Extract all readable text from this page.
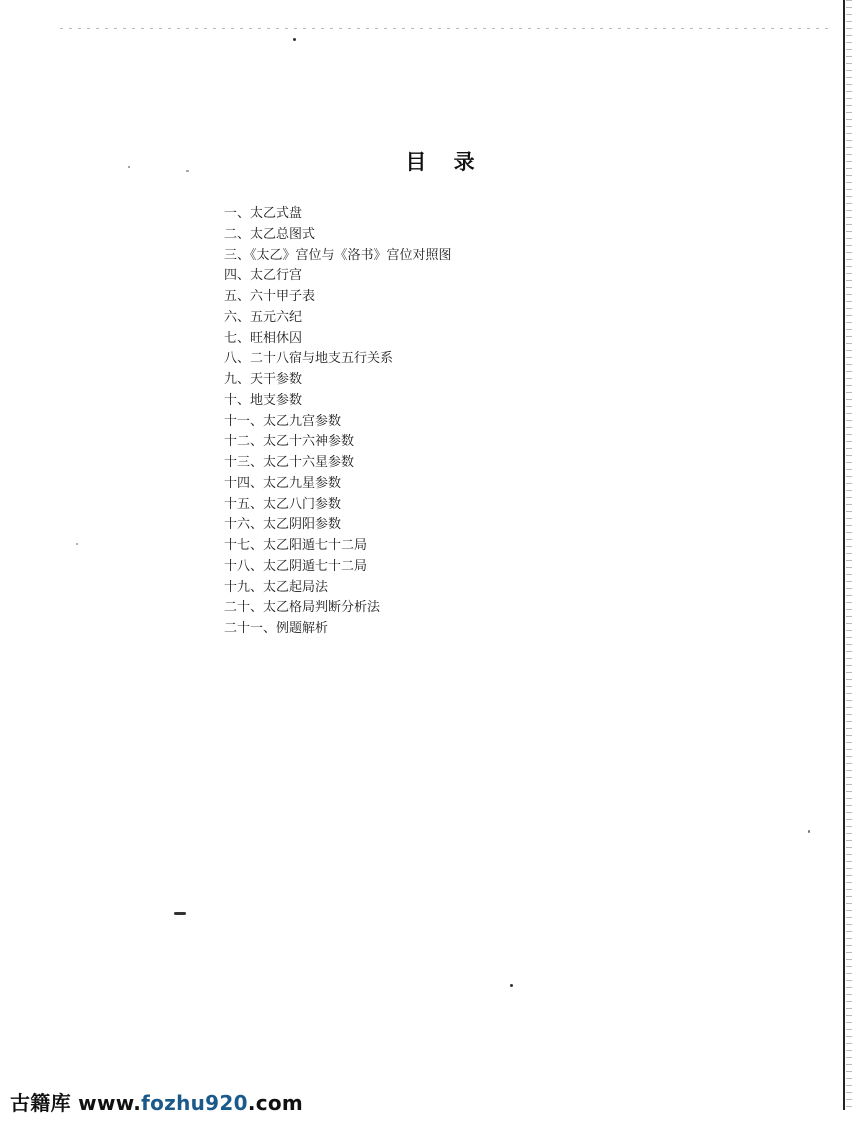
目 录
一、太乙式盘
二、太乙总图式
三、《太乙》宫位与《洛书》宫位对照图
四、太乙行宫
五、六十甲子表
六、五元六纪
七、旺相休囚
八、二十八宿与地支五行关系
九、天干参数
十、地支参数
十一、太乙九宫参数
十二、太乙十六神参数
十三、太乙十六星参数
十四、太乙九星参数
十五、太乙八门参数
十六、太乙阴阳参数
十七、太乙阳遁七十二局
十八、太乙阴遁七十二局
十九、太乙起局法
二十、太乙格局判断分析法
二十一、例题解析
古籍库 www.fozhu920.com
